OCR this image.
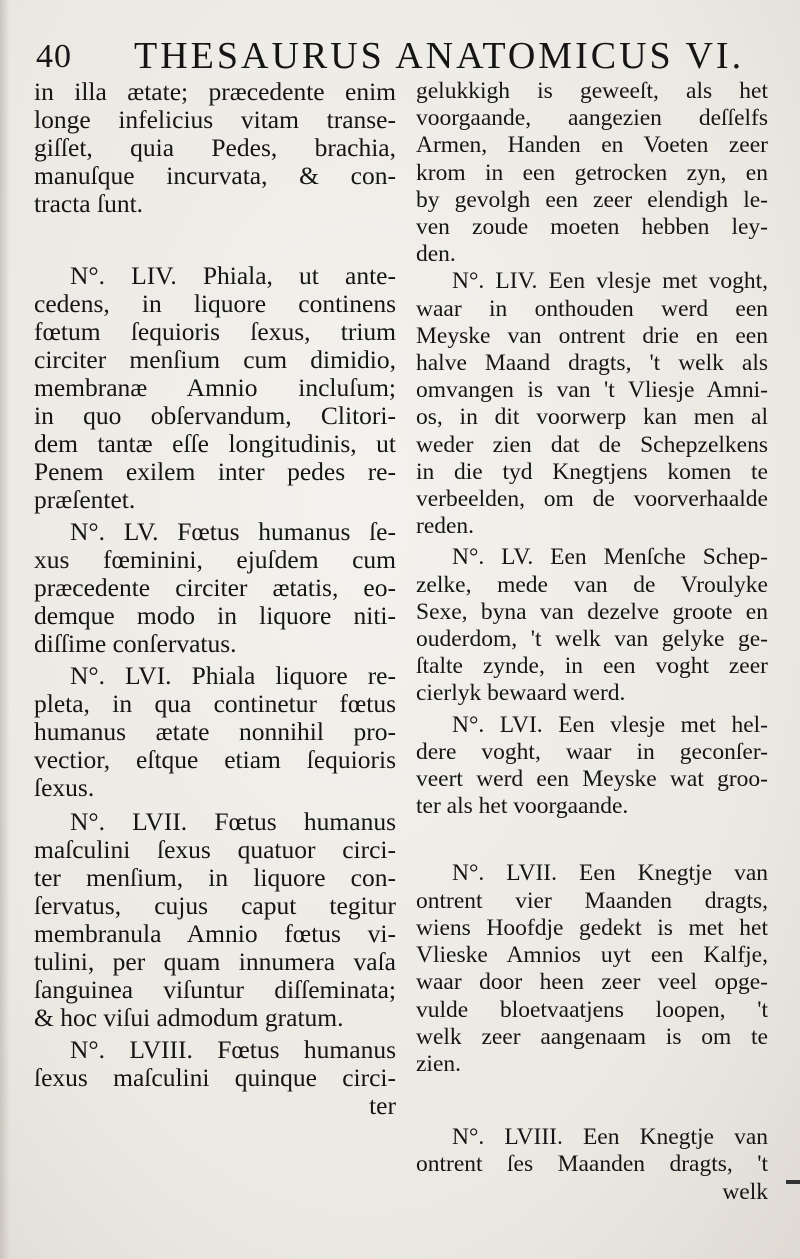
40 THESAURUS ANATOMICUS VI.

in illa ætate; præcedente enim
longe infelicius vitam transe-
giſſet, quia Pedes, brachia,
manuſque incurvata, & con-
tracta ſunt.

N°. LIV. Phiala, ut ante-
cedens, in liquore continens
fœtum ſequioris ſexus, trium
circiter menſium cum dimidio,
membranæ Amnio incluſum;
in quo obſervandum, Clitori-
dem tantæ eſſe longitudinis, ut
Penem exilem inter pedes re-
præſentet.

N°. LV. Fœtus humanus ſe-
xus fœminini, ejuſdem cum
præcedente circiter ætatis, eo-
demque modo in liquore niti-
diſſime conſervatus.

N°. LVI. Phiala liquore re-
pleta, in qua continetur fœtus
humanus ætate nonnihil pro-
vectior, eſtque etiam ſequioris
ſexus.

N°. LVII. Fœtus humanus
maſculini ſexus quatuor circi-
ter menſium, in liquore con-
ſervatus, cujus caput tegitur
membranula Amnio fœtus vi-
tulini, per quam innumera vaſa
ſanguinea viſuntur diſſeminata;
& hoc viſui admodum gratum.

N°. LVIII. Fœtus humanus
ſexus maſculini quinque circi-
ter

gelukkigh is geweeſt, als het
voorgaande, aangezien deſſelfs
Armen, Handen en Voeten zeer
krom in een getrocken zyn, en
by gevolgh een zeer elendigh le-
ven zoude moeten hebben ley-
den.

N°. LIV. Een vlesje met voght,
waar in onthouden werd een
Meyske van ontrent drie en een
halve Maand dragts, 't welk als
omvangen is van 't Vliesje Amni-
os, in dit voorwerp kan men al
weder zien dat de Schepzelkens
in die tyd Knegtjens komen te
verbeelden, om de voorverhaalde
reden.

N°. LV. Een Menſche Schep-
zelke, mede van de Vroulyke
Sexe, byna van dezelve groote en
ouderdom, 't welk van gelyke ge-
ſtalte zynde, in een voght zeer
cierlyk bewaard werd.

N°. LVI. Een vlesje met hel-
dere voght, waar in geconſer-
veert werd een Meyske wat groo-
ter als het voorgaande.

N°. LVII. Een Knegtje van
ontrent vier Maanden dragts,
wiens Hoofdje gedekt is met het
Vlieske Amnios uyt een Kalfje,
waar door heen zeer veel opge-
vulde bloetvaatjens loopen, 't
welk zeer aangenaam is om te
zien.

N°. LVIII. Een Knegtje van
ontrent ſes Maanden dragts, 't
welk
